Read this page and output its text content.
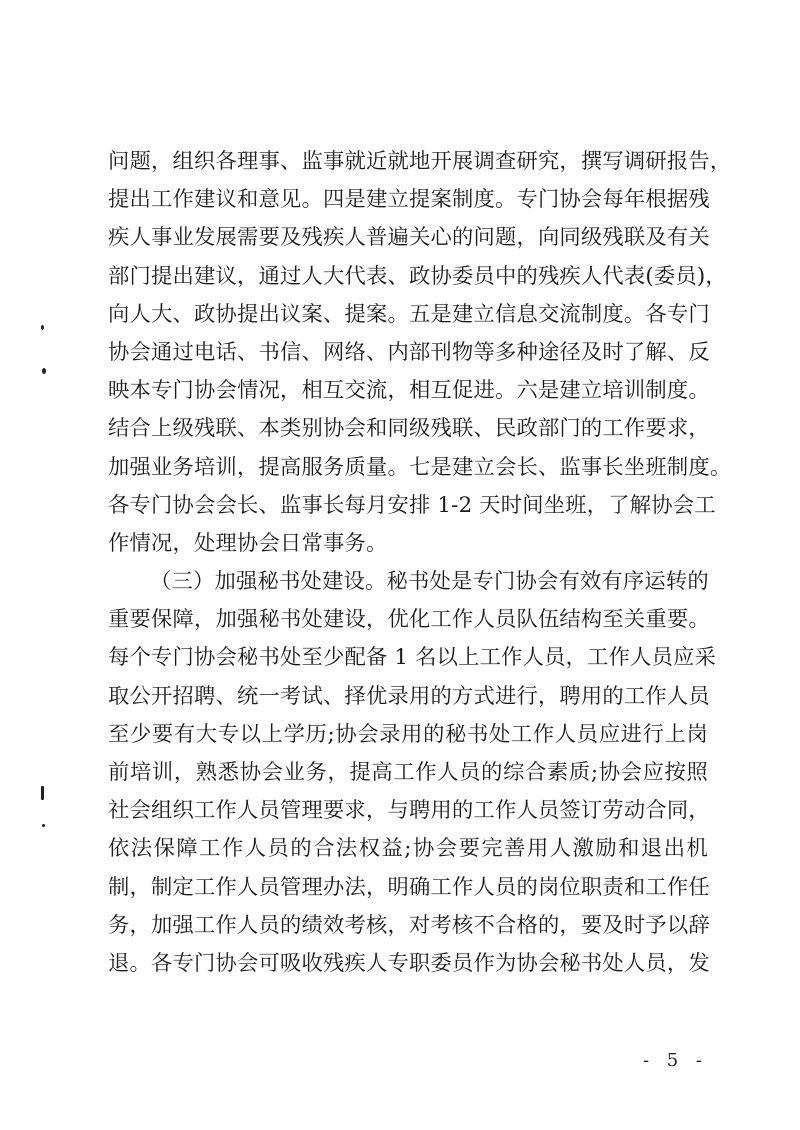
问题，组织各理事、监事就近就地开展调查研究，撰写调研报告，
提出工作建议和意见。四是建立提案制度。专门协会每年根据残
疾人事业发展需要及残疾人普遍关心的问题，向同级残联及有关
部门提出建议，通过人大代表、政协委员中的残疾人代表(委员)，
向人大、政协提出议案、提案。五是建立信息交流制度。各专门
协会通过电话、书信、网络、内部刊物等多种途径及时了解、反
映本专门协会情况，相互交流，相互促进。六是建立培训制度。
结合上级残联、本类别协会和同级残联、民政部门的工作要求，
加强业务培训，提高服务质量。七是建立会长、监事长坐班制度。
各专门协会会长、监事长每月安排 1-2 天时间坐班，了解协会工
作情况，处理协会日常事务。
（三）加强秘书处建设。秘书处是专门协会有效有序运转的
重要保障，加强秘书处建设，优化工作人员队伍结构至关重要。
每个专门协会秘书处至少配备 1 名以上工作人员，工作人员应采
取公开招聘、统一考试、择优录用的方式进行，聘用的工作人员
至少要有大专以上学历;协会录用的秘书处工作人员应进行上岗
前培训，熟悉协会业务，提高工作人员的综合素质;协会应按照
社会组织工作人员管理要求，与聘用的工作人员签订劳动合同，
依法保障工作人员的合法权益;协会要完善用人激励和退出机
制，制定工作人员管理办法，明确工作人员的岗位职责和工作任
务，加强工作人员的绩效考核，对考核不合格的，要及时予以辞
退。各专门协会可吸收残疾人专职委员作为协会秘书处人员，发
- 5 -
